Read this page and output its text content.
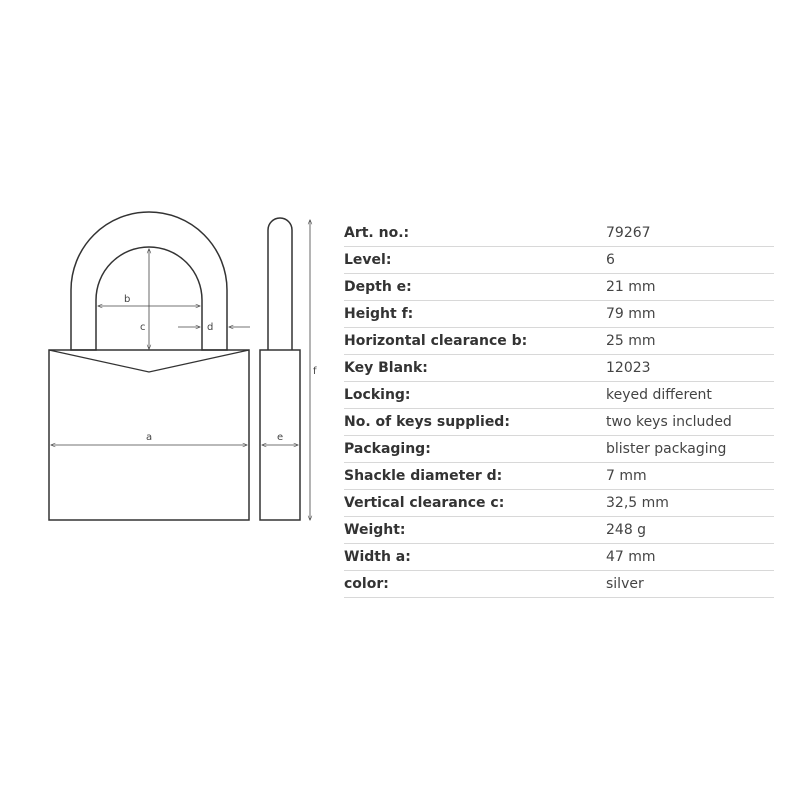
b
c	d
a	e
f
Art. no.:	79267
Level:	6
Depth e:	21 mm
Height f:	79 mm
Horizontal clearance b:	25 mm
Key Blank:	12023
Locking:	keyed different
No. of keys supplied:	two keys included
Packaging:	blister packaging
Shackle diameter d:	7 mm
Vertical clearance c:	32,5 mm
Weight:	248 g
Width a:	47 mm
color:	silver
